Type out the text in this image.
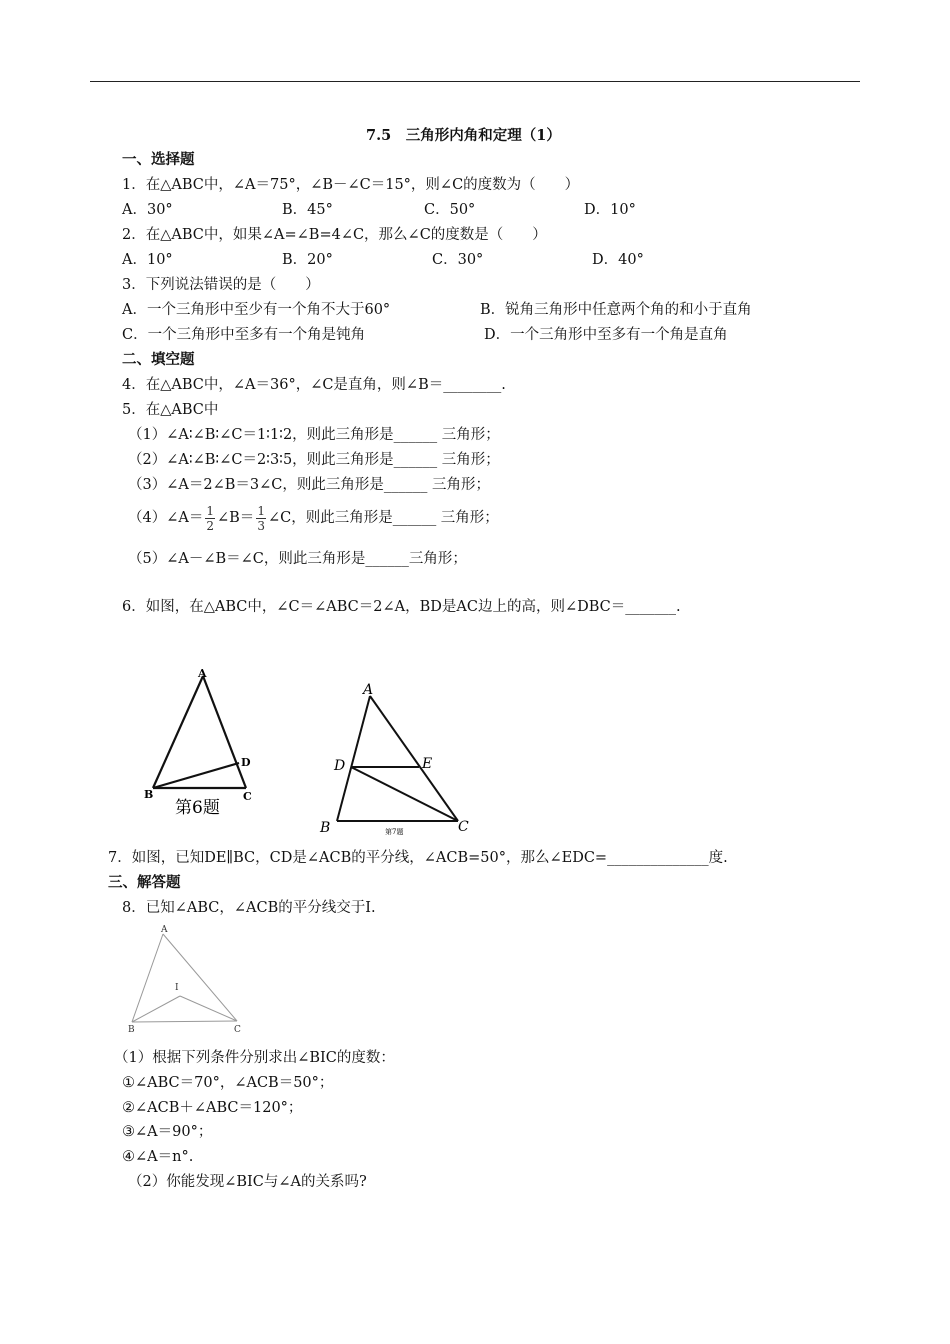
7.5　三角形内角和定理（1）
一、选择题
1．在△ABC中，∠A＝75°，∠B－∠C＝15°，则∠C的度数为（　　）
A．30°	B．45°	C．50°	D．10°
2．在△ABC中，如果∠A=∠B=4∠C，那么∠C的度数是（　　）
A．10°	B．20°	C．30°	D．40°
3．下列说法错误的是（　　）
A．一个三角形中至少有一个角不大于60°	B．锐角三角形中任意两个角的和小于直角
C．一个三角形中至多有一个角是钝角	D．一个三角形中至多有一个角是直角
二、填空题
4．在△ABC中，∠A＝36°，∠C是直角，则∠B＝________.
5．在△ABC中
（1）∠A∶∠B∶∠C＝1∶1∶2，则此三角形是______ 三角形；
（2）∠A∶∠B∶∠C＝2∶3∶5，则此三角形是______ 三角形；
（3）∠A＝2∠B＝3∠C，则此三角形是______ 三角形；
（4）∠A＝ $\frac{1}{2}$ ∠B＝ $\frac{1}{3}$ ∠C，则此三角形是______ 三角形；
（5）∠A－∠B＝∠C，则此三角形是______三角形；
6．如图，在△ABC中，∠C＝∠ABC＝2∠A，BD是AC边上的高，则∠DBC＝_______.
A
B	C
D
第6题
A
B	C
D	E
第7题
7．如图，已知DE∥BC，CD是∠ACB的平分线，∠ACB=50°，那么∠EDC=______________度.
三、解答题
8．已知∠ABC，∠ACB的平分线交于I.
A
B	C
I
（1）根据下列条件分别求出∠BIC的度数：
①∠ABC＝70°，∠ACB＝50°；
②∠ACB＋∠ABC＝120°；
③∠A＝90°；
④∠A＝n°.
（2）你能发现∠BIC与∠A的关系吗?
